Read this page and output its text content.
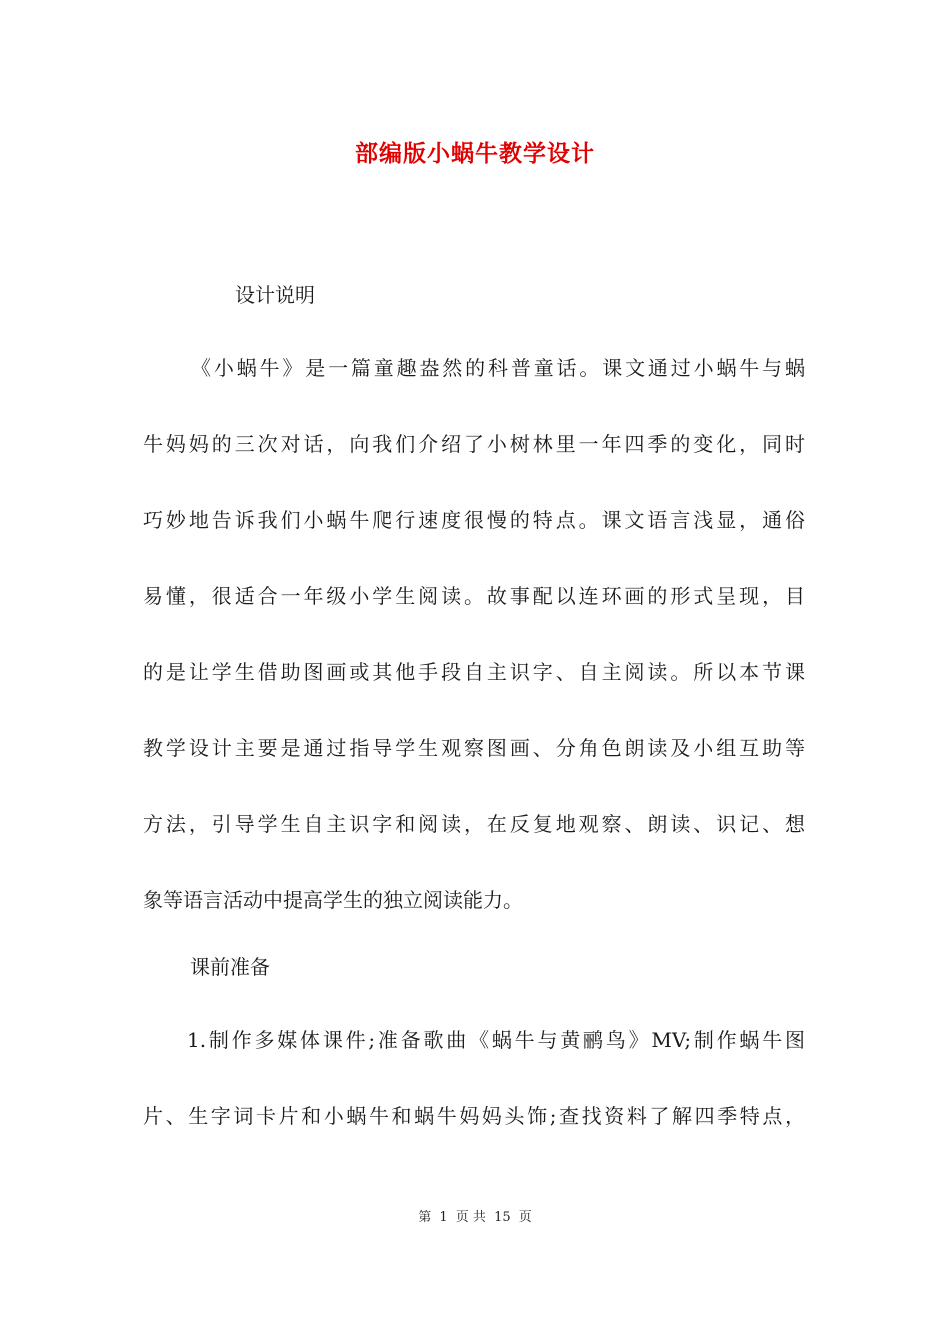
部编版小蜗牛教学设计
设计说明
《小蜗牛》是一篇童趣盎然的科普童话。课文通过小蜗牛与蜗
牛妈妈的三次对话，向我们介绍了小树林里一年四季的变化，同时
巧妙地告诉我们小蜗牛爬行速度很慢的特点。课文语言浅显，通俗
易懂，很适合一年级小学生阅读。故事配以连环画的形式呈现，目
的是让学生借助图画或其他手段自主识字、自主阅读。所以本节课
教学设计主要是通过指导学生观察图画、分角色朗读及小组互助等
方法，引导学生自主识字和阅读，在反复地观察、朗读、识记、想
象等语言活动中提高学生的独立阅读能力。
课前准备
1.制作多媒体课件;准备歌曲《蜗牛与黄鹂鸟》MV;制作蜗牛图
片、生字词卡片和小蜗牛和蜗牛妈妈头饰;查找资料了解四季特点，
第 1 页 共 15 页
